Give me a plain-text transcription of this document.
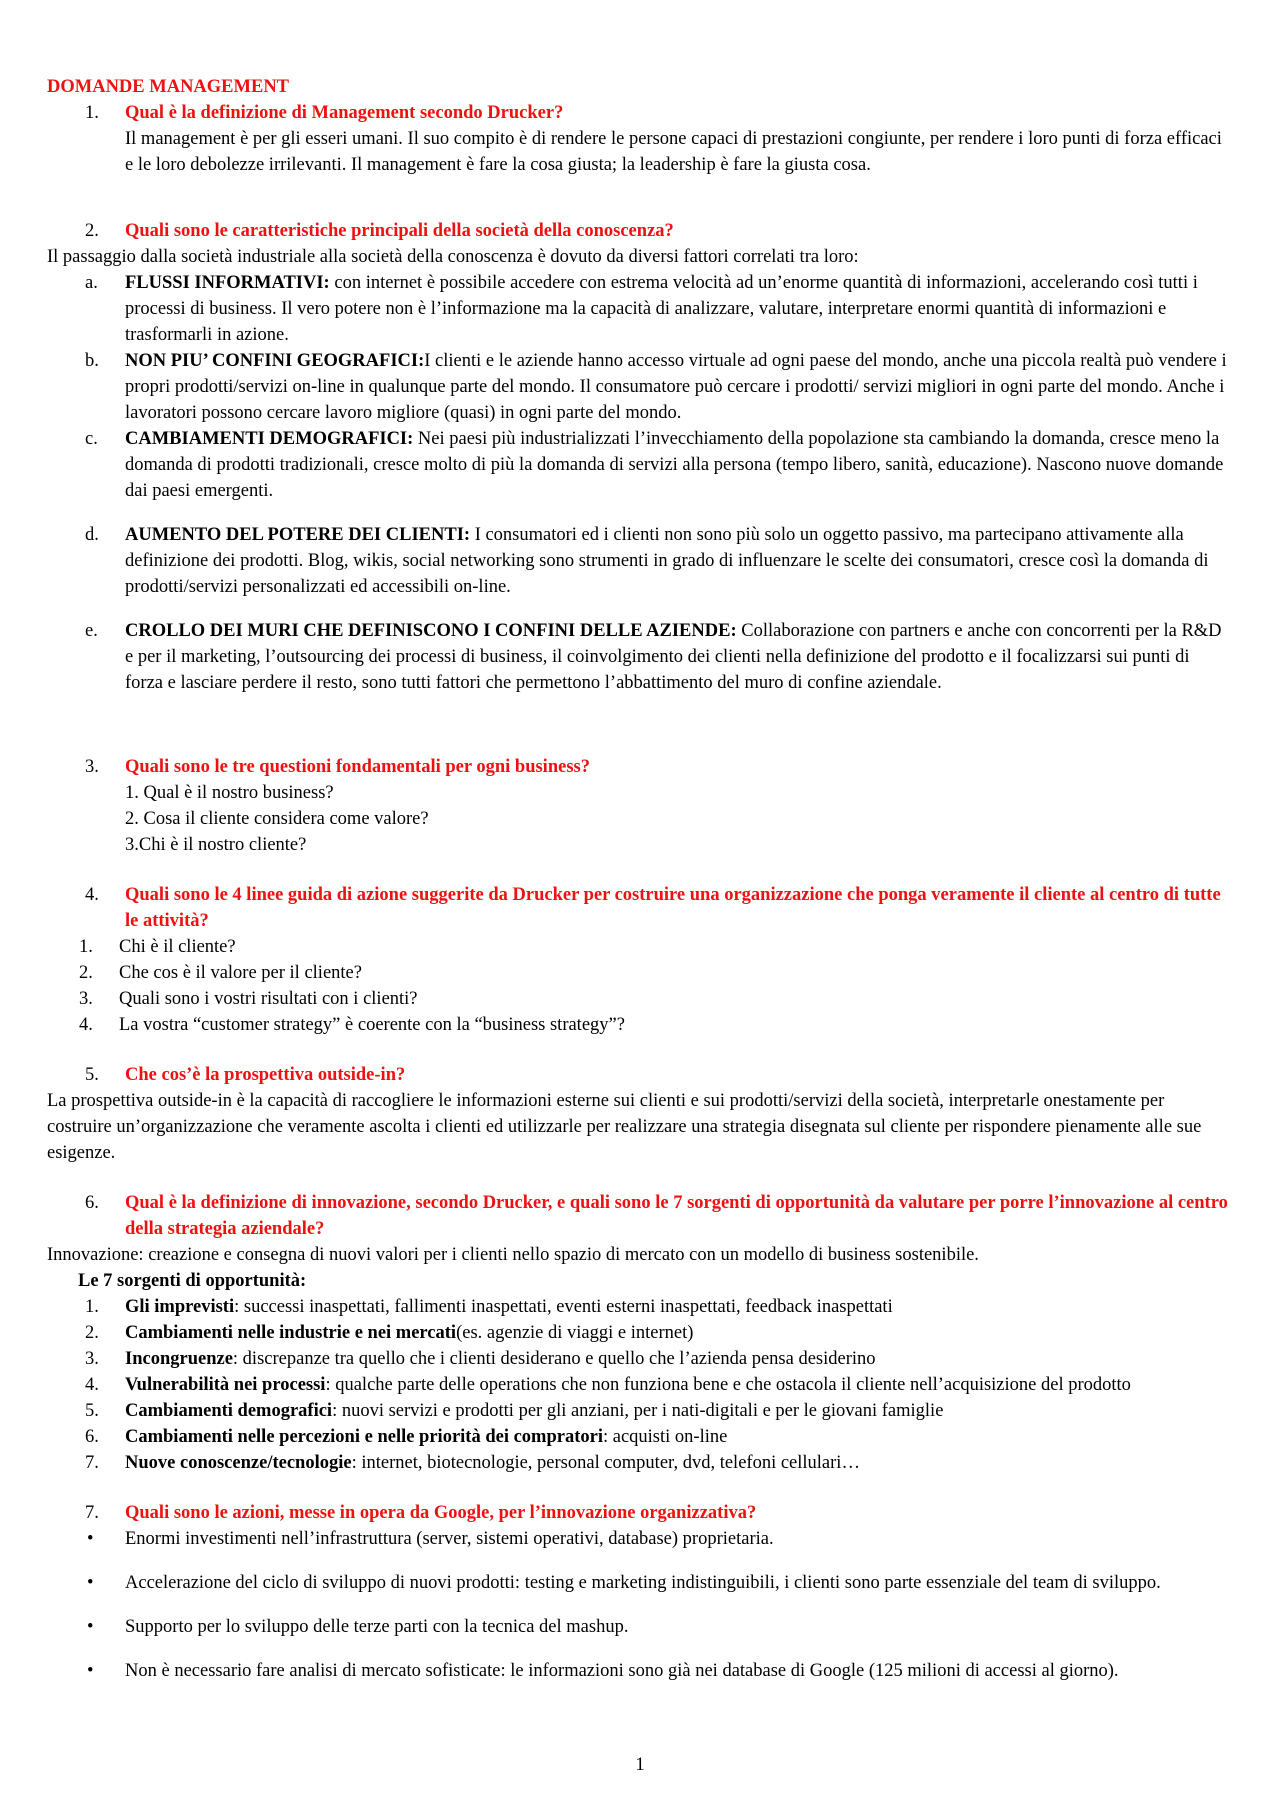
DOMANDE MANAGEMENT
1. Qual è la definizione di Management secondo Drucker?
Il management è per gli esseri umani. Il suo compito è di rendere le persone capaci di prestazioni congiunte, per rendere i loro punti di forza efficaci e le loro debolezze irrilevanti. Il management è fare la cosa giusta; la leadership è fare la giusta cosa.
2. Quali sono le caratteristiche principali della società della conoscenza?
Il passaggio dalla società industriale alla società della conoscenza è dovuto da diversi fattori correlati tra loro:
a. FLUSSI INFORMATIVI: con internet è possibile accedere con estrema velocità ad un’enorme quantità di informazioni, accelerando così tutti i processi di business. Il vero potere non è l’informazione ma la capacità di analizzare, valutare, interpretare enormi quantità di informazioni e trasformarli in azione.
b. NON PIU’ CONFINI GEOGRAFICI:I clienti e le aziende hanno accesso virtuale ad ogni paese del mondo, anche una piccola realtà può vendere i propri prodotti/servizi on-line in qualunque parte del mondo. Il consumatore può cercare i prodotti/ servizi migliori in ogni parte del mondo. Anche i lavoratori possono cercare lavoro migliore (quasi) in ogni parte del mondo.
c. CAMBIAMENTI DEMOGRAFICI: Nei paesi più industrializzati l’invecchiamento della popolazione sta cambiando la domanda, cresce meno la domanda di prodotti tradizionali, cresce molto di più la domanda di servizi alla persona (tempo libero, sanità, educazione). Nascono nuove domande dai paesi emergenti.
d. AUMENTO DEL POTERE DEI CLIENTI: I consumatori ed i clienti non sono più solo un oggetto passivo, ma partecipano attivamente alla definizione dei prodotti. Blog, wikis, social networking sono strumenti in grado di influenzare le scelte dei consumatori, cresce così la domanda di prodotti/servizi personalizzati ed accessibili on-line.
e. CROLLO DEI MURI CHE DEFINISCONO I CONFINI DELLE AZIENDE: Collaborazione con partners e anche con concorrenti per la R&D e per il marketing, l’outsourcing dei processi di business, il coinvolgimento dei clienti nella definizione del prodotto e il focalizzarsi sui punti di forza e lasciare perdere il resto, sono tutti fattori che permettono l’abbattimento del muro di confine aziendale.
3. Quali sono le tre questioni fondamentali per ogni business?
1. Qual è il nostro business?
2. Cosa il cliente considera come valore?
3.Chi è il nostro cliente?
4. Quali sono le 4 linee guida di azione suggerite da Drucker per costruire una organizzazione che ponga veramente il cliente al centro di tutte le attività?
1. Chi è il cliente?
2. Che cos è il valore per il cliente?
3. Quali sono i vostri risultati con i clienti?
4. La vostra “customer strategy” è coerente con la “business strategy”?
5. Che cos’è la prospettiva outside-in?
La prospettiva outside-in è la capacità di raccogliere le informazioni esterne sui clienti e sui prodotti/servizi della società, interpretarle onestamente per costruire un’organizzazione che veramente ascolta i clienti ed utilizzarle per realizzare una strategia disegnata sul cliente per rispondere pienamente alle sue esigenze.
6. Qual è la definizione di innovazione, secondo Drucker, e quali sono le 7 sorgenti di opportunità da valutare per porre l’innovazione al centro della strategia aziendale?
Innovazione: creazione e consegna di nuovi valori per i clienti nello spazio di mercato con un modello di business sostenibile.
Le 7 sorgenti di opportunità:
1. Gli imprevisti: successi inaspettati, fallimenti inaspettati, eventi esterni inaspettati, feedback inaspettati
2. Cambiamenti nelle industrie e nei mercati(es. agenzie di viaggi e internet)
3. Incongruenze: discrepanze tra quello che i clienti desiderano e quello che l’azienda pensa desiderino
4. Vulnerabilità nei processi: qualche parte delle operations che non funziona bene e che ostacola il cliente nell’acquisizione del prodotto
5. Cambiamenti demografici: nuovi servizi e prodotti per gli anziani, per i nati-digitali e per le giovani famiglie
6. Cambiamenti nelle percezioni e nelle priorità dei compratori: acquisti on-line
7. Nuove conoscenze/tecnologie: internet, biotecnologie, personal computer, dvd, telefoni cellulari…
7. Quali sono le azioni, messe in opera da Google, per l’innovazione organizzativa?
• Enormi investimenti nell’infrastruttura (server, sistemi operativi, database) proprietaria.
• Accelerazione del ciclo di sviluppo di nuovi prodotti: testing e marketing indistinguibili, i clienti sono parte essenziale del team di sviluppo.
• Supporto per lo sviluppo delle terze parti con la tecnica del mashup.
• Non è necessario fare analisi di mercato sofisticate: le informazioni sono già nei database di Google (125 milioni di accessi al giorno).
1
